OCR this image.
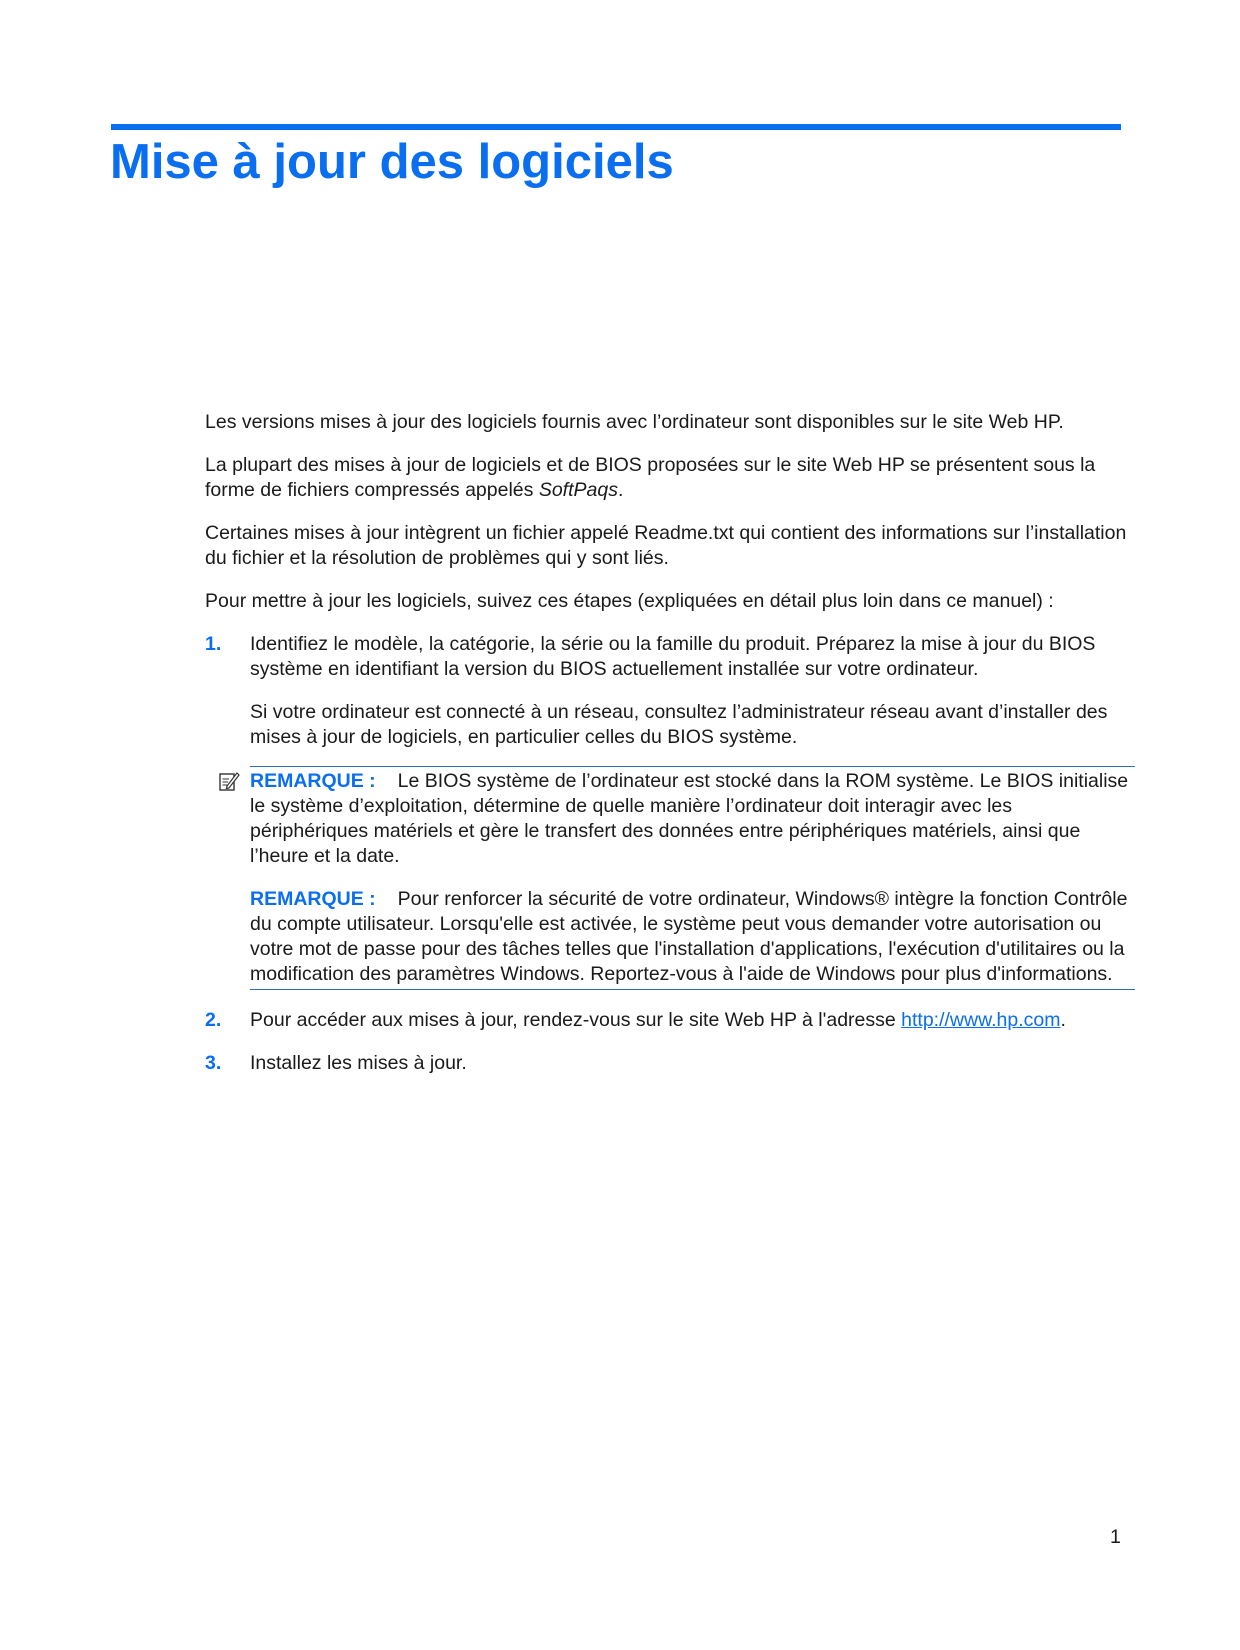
Mise à jour des logiciels

Les versions mises à jour des logiciels fournis avec l’ordinateur sont disponibles sur le site Web HP.

La plupart des mises à jour de logiciels et de BIOS proposées sur le site Web HP se présentent sous la forme de fichiers compressés appelés SoftPaqs.

Certaines mises à jour intègrent un fichier appelé Readme.txt qui contient des informations sur l’installation du fichier et la résolution de problèmes qui y sont liés.

Pour mettre à jour les logiciels, suivez ces étapes (expliquées en détail plus loin dans ce manuel) :

1. Identifiez le modèle, la catégorie, la série ou la famille du produit. Préparez la mise à jour du BIOS système en identifiant la version du BIOS actuellement installée sur votre ordinateur.

Si votre ordinateur est connecté à un réseau, consultez l’administrateur réseau avant d’installer des mises à jour de logiciels, en particulier celles du BIOS système.

REMARQUE : Le BIOS système de l’ordinateur est stocké dans la ROM système. Le BIOS initialise le système d’exploitation, détermine de quelle manière l’ordinateur doit interagir avec les périphériques matériels et gère le transfert des données entre périphériques matériels, ainsi que l’heure et la date.

REMARQUE : Pour renforcer la sécurité de votre ordinateur, Windows® intègre la fonction Contrôle du compte utilisateur. Lorsqu'elle est activée, le système peut vous demander votre autorisation ou votre mot de passe pour des tâches telles que l'installation d'applications, l'exécution d'utilitaires ou la modification des paramètres Windows. Reportez-vous à l'aide de Windows pour plus d'informations.

2. Pour accéder aux mises à jour, rendez-vous sur le site Web HP à l'adresse http://www.hp.com.

3. Installez les mises à jour.

1
